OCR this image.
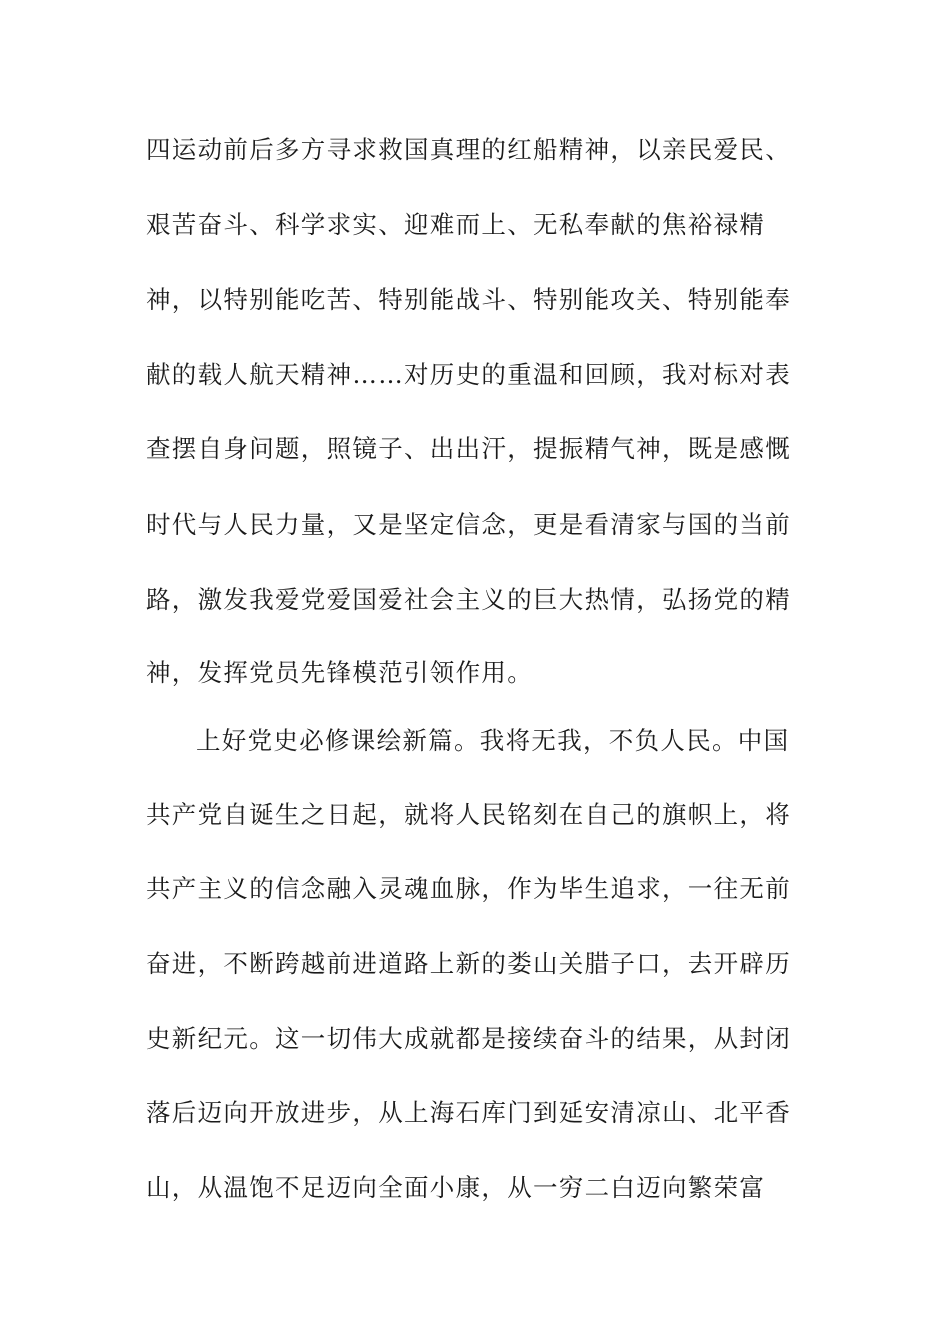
四运动前后多方寻求救国真理的红船精神，以亲民爱民、
艰苦奋斗、科学求实、迎难而上、无私奉献的焦裕禄精
神，以特别能吃苦、特别能战斗、特别能攻关、特别能奉
献的载人航天精神……对历史的重温和回顾，我对标对表
查摆自身问题，照镜子、出出汗，提振精气神，既是感慨
时代与人民力量，又是坚定信念，更是看清家与国的当前
路，激发我爱党爱国爱社会主义的巨大热情，弘扬党的精
神，发挥党员先锋模范引领作用。
上好党史必修课绘新篇。我将无我，不负人民。中国
共产党自诞生之日起，就将人民铭刻在自己的旗帜上，将
共产主义的信念融入灵魂血脉，作为毕生追求，一往无前
奋进，不断跨越前进道路上新的娄山关腊子口，去开辟历
史新纪元。这一切伟大成就都是接续奋斗的结果，从封闭
落后迈向开放进步，从上海石库门到延安清凉山、北平香
山，从温饱不足迈向全面小康，从一穷二白迈向繁荣富
